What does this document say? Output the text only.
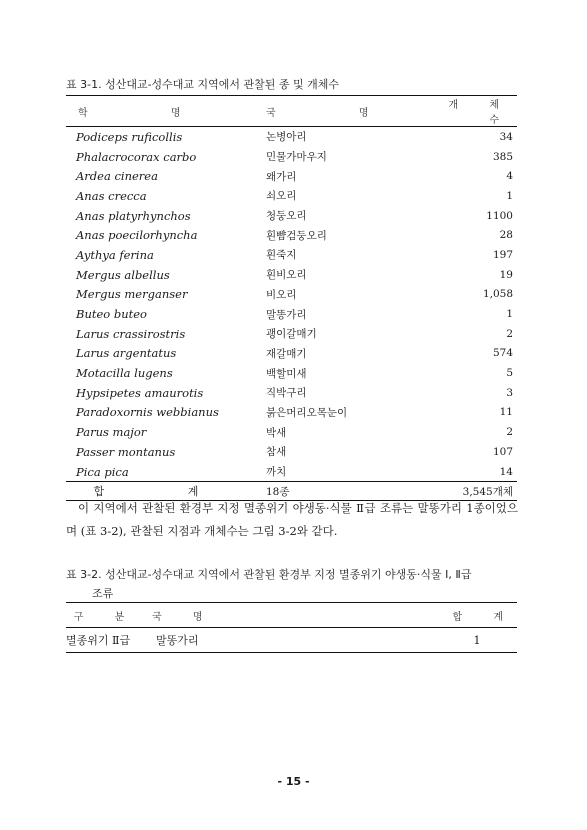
표 3-1. 성산대교-성수대교 지역에서 관찰된 종 및 개체수
학 명	국 명	개 체 수
Podiceps ruficollis	논병아리	34
Phalacrocorax carbo	민물가마우지	385
Ardea cinerea	왜가리	4
Anas crecca	쇠오리	1
Anas platyrhynchos	청둥오리	1100
Anas poecilorhyncha	흰뺨검둥오리	28
Aythya ferina	흰죽지	197
Mergus albellus	흰비오리	19
Mergus merganser	비오리	1,058
Buteo buteo	말똥가리	1
Larus crassirostris	괭이갈매기	2
Larus argentatus	재갈매기	574
Motacilla lugens	백할미새	5
Hypsipetes amaurotis	직박구리	3
Paradoxornis webbianus	붉은머리오목눈이	11
Parus major	박새	2
Passer montanus	참새	107
Pica pica	까치	14
합 계	18종	3,545개체
이 지역에서 관찰된 환경부 지정 멸종위기 야생동·식물 Ⅱ급 조류는 말똥가리 1종이었으며 (표 3-2), 관찰된 지점과 개체수는 그림 3-2와 같다.
표 3-2. 성산대교-성수대교 지역에서 관찰된 환경부 지정 멸종위기 야생동·식물 Ⅰ, Ⅱ급
조류
구 분	국 명	합 계
멸종위기 Ⅱ급	말똥가리	1
- 15 -
